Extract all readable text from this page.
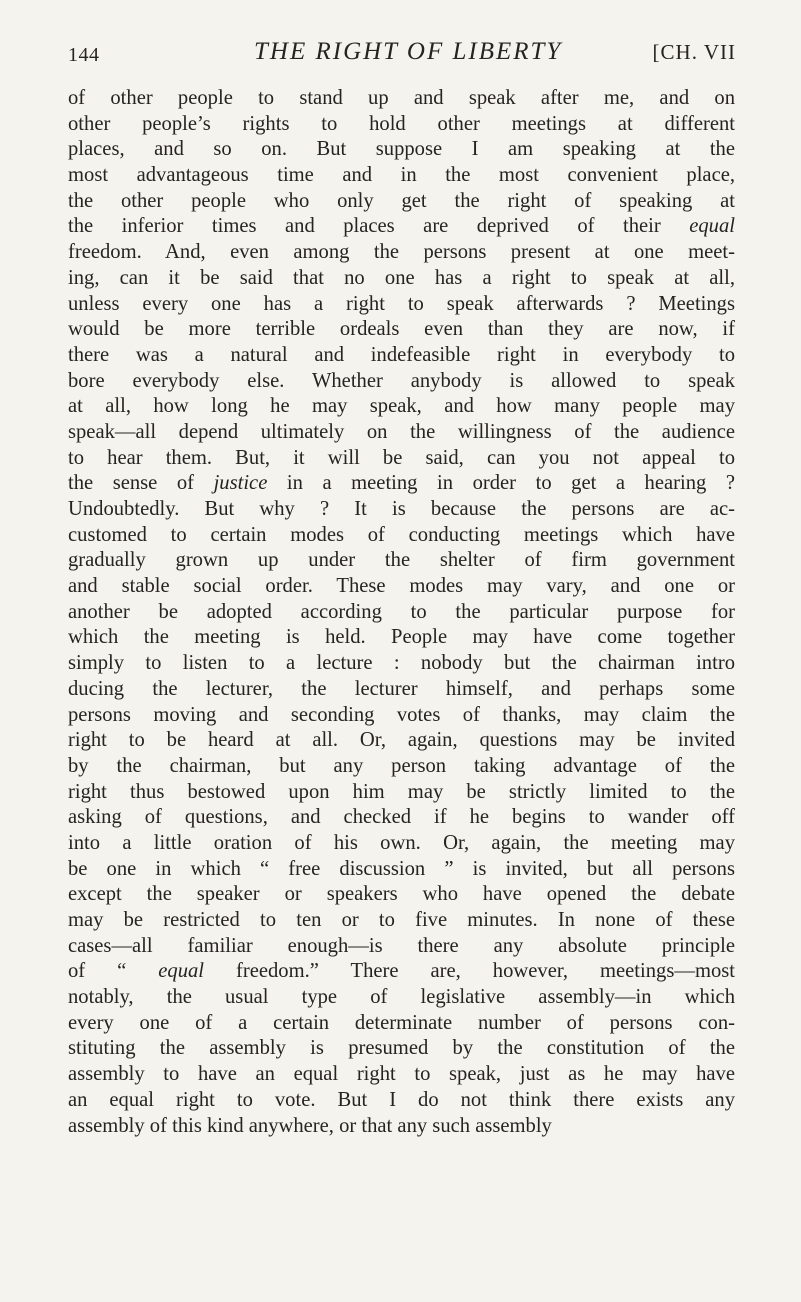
144	THE RIGHT OF LIBERTY	[CH. VII
of other people to stand up and speak after me, and on
other people’s rights to hold other meetings at different
places, and so on. But suppose I am speaking at the
most advantageous time and in the most convenient place,
the other people who only get the right of speaking at
the inferior times and places are deprived of their equal
freedom. And, even among the persons present at one meet-
ing, can it be said that no one has a right to speak at all,
unless every one has a right to speak afterwards ? Meetings
would be more terrible ordeals even than they are now, if
there was a natural and indefeasible right in everybody to
bore everybody else. Whether anybody is allowed to speak
at all, how long he may speak, and how many people may
speak—all depend ultimately on the willingness of the audience
to hear them. But, it will be said, can you not appeal to
the sense of justice in a meeting in order to get a hearing ?
Undoubtedly. But why ? It is because the persons are ac-
customed to certain modes of conducting meetings which have
gradually grown up under the shelter of firm government
and stable social order. These modes may vary, and one or
another be adopted according to the particular purpose for
which the meeting is held. People may have come together
simply to listen to a lecture : nobody but the chairman intro
ducing the lecturer, the lecturer himself, and perhaps some
persons moving and seconding votes of thanks, may claim the
right to be heard at all. Or, again, questions may be invited
by the chairman, but any person taking advantage of the
right thus bestowed upon him may be strictly limited to the
asking of questions, and checked if he begins to wander off
into a little oration of his own. Or, again, the meeting may
be one in which “ free discussion ” is invited, but all persons
except the speaker or speakers who have opened the debate
may be restricted to ten or to five minutes. In none of these
cases—all familiar enough—is there any absolute principle
of “ equal freedom.” There are, however, meetings—most
notably, the usual type of legislative assembly—in which
every one of a certain determinate number of persons con-
stituting the assembly is presumed by the constitution of the
assembly to have an equal right to speak, just as he may have
an equal right to vote. But I do not think there exists any
assembly of this kind anywhere, or that any such assembly
